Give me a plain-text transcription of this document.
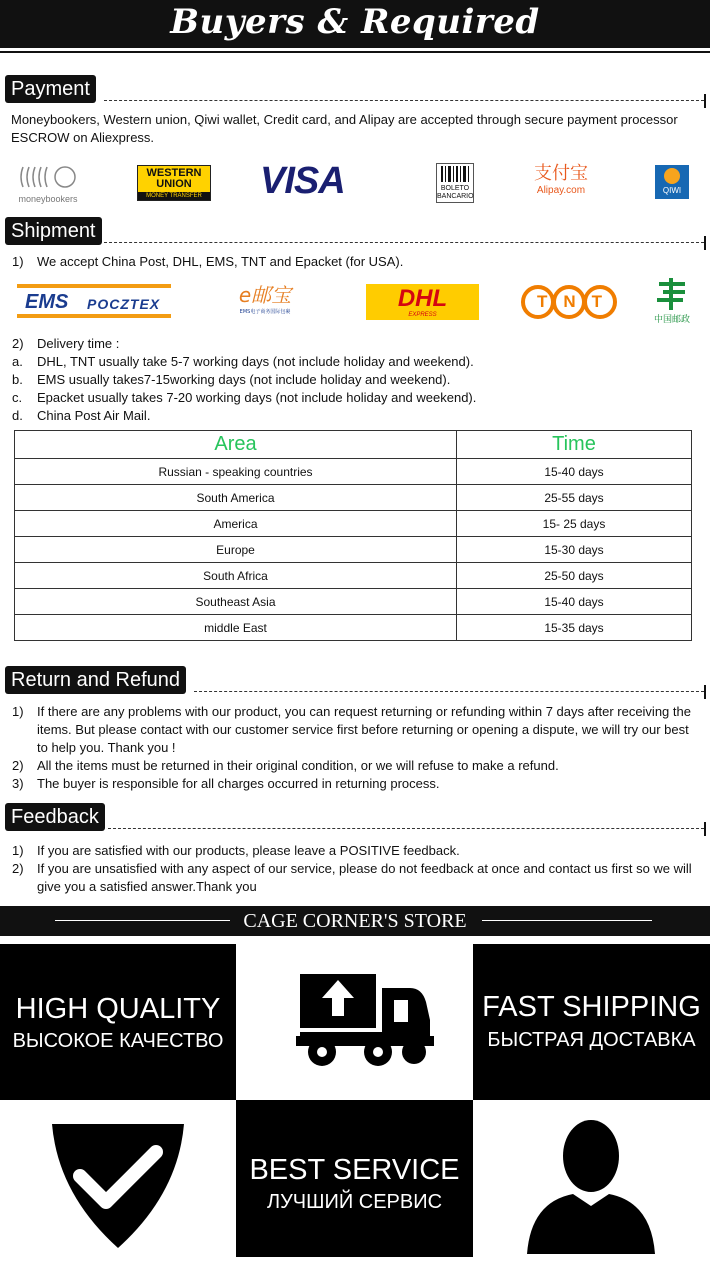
Buyers & Required
Payment
Moneybookers, Western union, Qiwi wallet, Credit card, and Alipay are accepted through secure payment processor
ESCROW on Aliexpress.
moneybookers
WESTERN
UNION
MONEY TRANSFER VISA	BOLETO
BANCARIO
支付宝
Alipay.com	QIWI
Shipment
1) We accept China Post, DHL, EMS, TNT and Epacket (for USA).
EMS POCZTEX	e邮宝
EMS电子商务国际包裹	DHL
EXPRESS
TNT
中国邮政
2) Delivery time :
a. DHL, TNT usually take 5-7 working days (not include holiday and weekend).
b. EMS usually takes7-15working days (not include holiday and weekend).
c. Epacket usually takes 7-20 working days (not include holiday and weekend).
d. China Post Air Mail.
Area	Time
Russian - speaking countries	15-40 days
South America	25-55 days
America	15- 25 days
Europe	15-30 days
South Africa	25-50 days
Southeast Asia	15-40 days
middle East	15-35 days
Return and Refund
1) If there are any problems with our product, you can request returning or refunding within 7 days after receiving the
items. But please contact with our customer service first before returning or opening a dispute, we will try our best
to help you. Thank you !
2) All the items must be returned in their original condition, or we will refuse to make a refund.
3) The buyer is responsible for all charges occurred in returning process.
Feedback
1) If you are satisfied with our products, please leave a POSITIVE feedback.
2) If you are unsatisfied with any aspect of our service, please do not feedback at once and contact us first so we will
give you a satisfied answer.Thank you
CAGE CORNER'S STORE
HIGH QUALITY
ВЫСОКОЕ КАЧЕСТВО
FAST SHIPPING
БЫСТРАЯ ДОСТАВКА
BEST SERVICE
ЛУЧШИЙ СЕРВИС
